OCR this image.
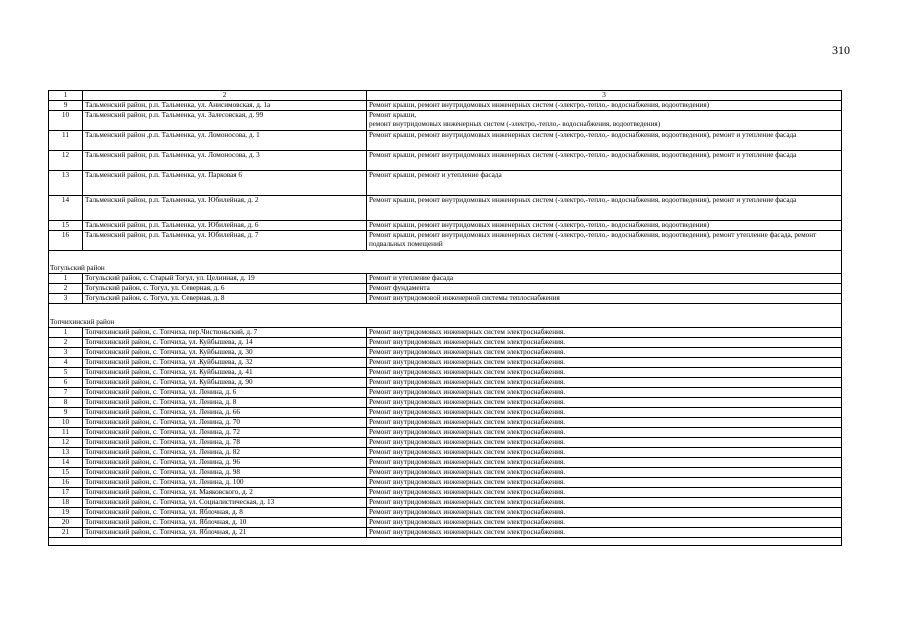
310
1	2	3
9	Тальменский район, р.п. Тальменка, ул. Анисимовская, д. 1а	Ремонт крыши, ремонт внутридомовых инженерных систем (-электро,-тепло,- водоснабжения, водоотведения)
10	Тальменский район, р.п. Тальменка, ул. Залесовская, д. 99	Ремонт крыши,
ремонт внутридомовых инженерных систем (-электро,-тепло,- водоснабжения, водоотведения)
11	Тальменский район ,р.п. Тальменка, ул. Ломоносова, д. 1	Ремонт крыши, ремонт внутридомовых инженерных систем (-электро,-тепло,- водоснабжения, водоотведения), ремонт и утепление фасада
12	Тальменский район, р.п. Тальменка, ул. Ломоносова, д. 3	Ремонт крыши, ремонт внутридомовых инженерных систем (-электро,-тепло,- водоснабжения, водоотведения), ремонт и утепление фасада
13	Тальменский район, р.п. Тальменка, ул. Парковая 6	Ремонт крыши, ремонт и утепление фасада
14	Тальменский район, р.п. Тальменка, ул. Юбилейная, д. 2	Ремонт крыши, ремонт внутридомовых инженерных систем (-электро,-тепло,- водоснабжения, водоотведения), ремонт и утепление фасада
15	Тальменский район, р.п. Тальменка, ул. Юбилейная, д. 6	Ремонт крыши, ремонт внутридомовых инженерных систем (-электро,-тепло,- водоснабжения, водоотведения)
16	Тальменский район, р.п. Тальменка, ул. Юбилейная, д. 7	Ремонт крыши, ремонт внутридомовых инженерных систем (-электро,-тепло,- водоснабжения, водоотведения), ремонт утепление фасада, ремонт подвальных помещений
Тогульский район		
1	Тогульский район, с. Старый Тогул, ул. Целинная, д. 19	Ремонт и утепление фасада
2	Тогульский район, с. Тогул, ул. Северная, д. 6	Ремонт фундамента
3	Тогульский район, с. Тогул, ул. Северная, д. 8	Ремонт внутридомовой инженерной системы теплоснабжения
Топчихинский район		
1	Топчихинский район, с. Топчиха, пер.Чистюньский, д. 7	Ремонт внутридомовых инженерных систем электроснабжения.
2	Топчихинский район, с. Топчиха, ул. Куйбышева, д. 14	Ремонт внутридомовых инженерных систем электроснабжения.
3	Топчихинский район, с. Топчиха, ул. Куйбышева, д. 30	Ремонт внутридомовых инженерных систем электроснабжения.
4	Топчихинский район, с. Топчиха, ул .Куйбышева, д. 32	Ремонт внутридомовых инженерных систем электроснабжения.
5	Топчихинский район, с. Топчиха, ул. Куйбышева, д. 41	Ремонт внутридомовых инженерных систем электроснабжения.
6	Топчихинский район, с. Топчиха, ул. Куйбышева, д. 90	Ремонт внутридомовых инженерных систем электроснабжения.
7	Топчихинский район, с. Топчиха, ул. Ленина, д. 6	Ремонт внутридомовых инженерных систем электроснабжения.
8	Топчихинский район, с. Топчиха, ул. Ленина, д. 8	Ремонт внутридомовых инженерных систем электроснабжения.
9	Топчихинский район, с. Топчиха, ул. Ленина, д. 66	Ремонт внутридомовых инженерных систем электроснабжения.
10	Топчихинский район, с. Топчиха, ул. Ленина, д. 70	Ремонт внутридомовых инженерных систем электроснабжения.
11	Топчихинский район, с. Топчиха, ул. Ленина, д. 72	Ремонт внутридомовых инженерных систем электроснабжения.
12	Топчихинский район, с. Топчиха, ул. Ленина, д. 78	Ремонт внутридомовых инженерных систем электроснабжения.
13	Топчихинский район, с. Топчиха, ул. Ленина, д. 82	Ремонт внутридомовых инженерных систем электроснабжения.
14	Топчихинский район, с. Топчиха, ул. Ленина, д. 96	Ремонт внутридомовых инженерных систем электроснабжения.
15	Топчихинский район, с. Топчиха, ул. Ленина, д. 98	Ремонт внутридомовых инженерных систем электроснабжения.
16	Топчихинский район, с. Топчиха, ул. Ленина, д. 100	Ремонт внутридомовых инженерных систем электроснабжения.
17	Топчихинский район, с. Топчиха, ул. Маяковского, д. 2	Ремонт внутридомовых инженерных систем электроснабжения.
18	Топчихинский район, с. Топчиха, ул. Социалистическая, д. 13	Ремонт внутридомовых инженерных систем электроснабжения.
19	Топчихинский район, с. Топчиха, ул. Яблочная, д. 8	Ремонт внутридомовых инженерных систем электроснабжения.
20	Топчихинский район, с. Топчиха, ул. Яблочная, д. 10	Ремонт внутридомовых инженерных систем электроснабжения.
21	Топчихинский район, с. Топчиха, ул. Яблочная, д. 21	Ремонт внутридомовых инженерных систем электроснабжения.
